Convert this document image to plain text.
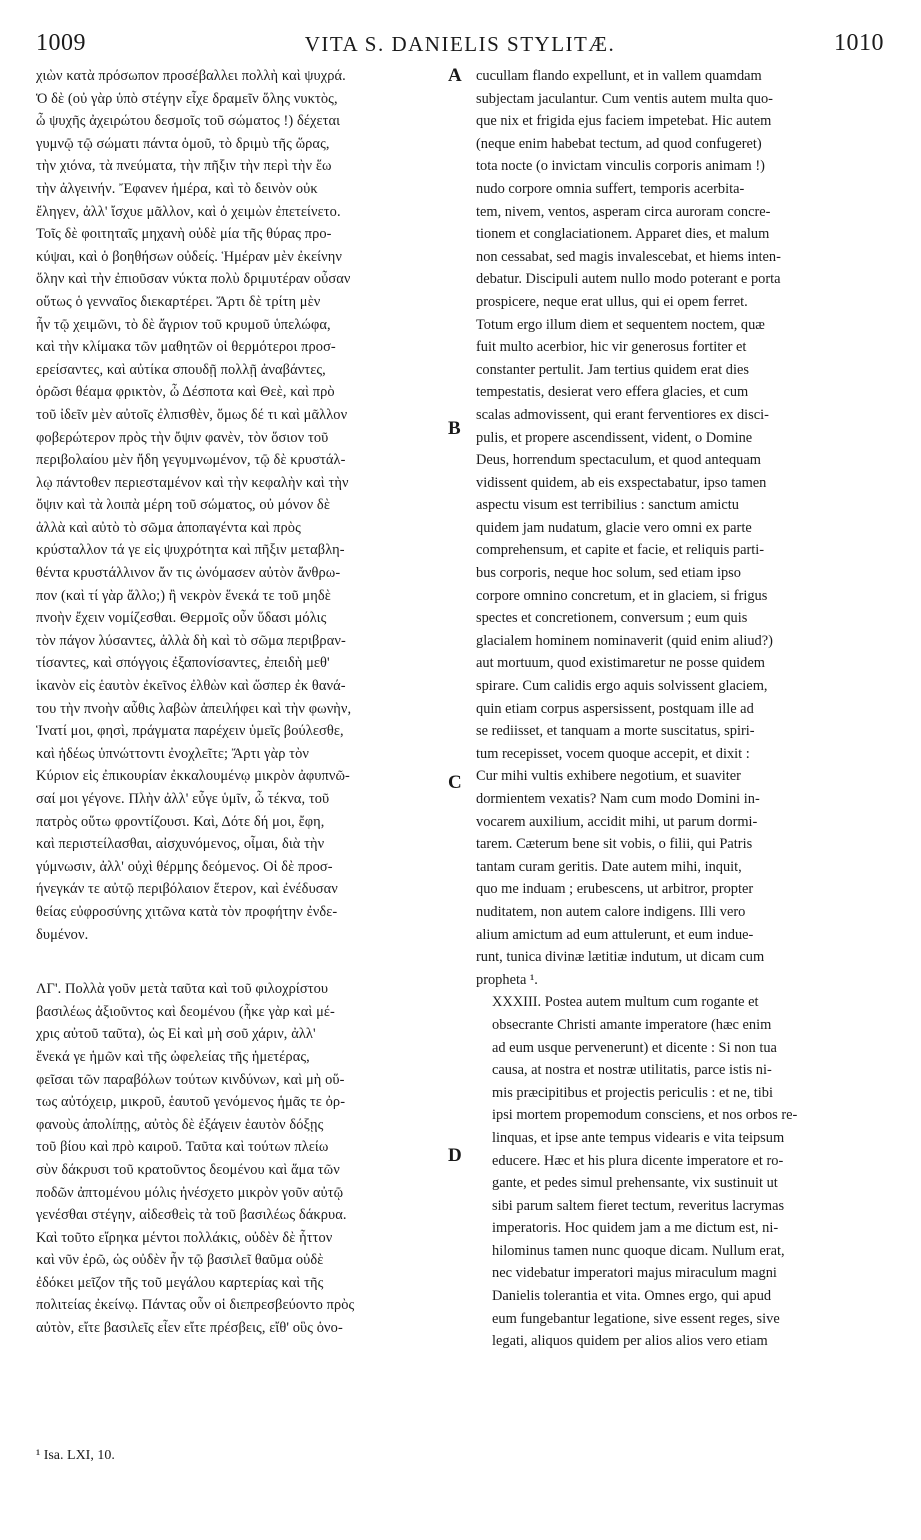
1009	VITA S. DANIELIS STYLITÆ.	1010
χιὼν κατὰ πρόσωπον προσέβαλλει πολλὴ καὶ ψυχρά.
Ὁ δὲ (οὐ γὰρ ὑπὸ στέγην εἶχε δραμεῖν ὅλης νυκτὸς,
ὦ ψυχῆς ἀχειρώτου δεσμοῖς τοῦ σώματος !) δέχεται
γυμνῷ τῷ σώματι πάντα ὁμοῦ, τὸ δριμὺ τῆς ὥρας,
τὴν χιόνα, τὰ πνεύματα, τὴν πῆξιν τὴν περὶ τὴν ἕω
τὴν ἀλγεινήν. Ἔφανεν ἡμέρα, καὶ τὸ δεινὸν οὐκ
ἔληγεν, ἀλλ' ἴσχυε μᾶλλον, καὶ ὁ χειμὼν ἐπετείνετο.
Τοῖς δὲ φοιτηταῖς μηχανὴ οὐδὲ μία τῆς θύρας προ-
κύψαι, καὶ ὁ βοηθήσων οὐδείς. Ἡμέραν μὲν ἐκείνην
ὅλην καὶ τὴν ἐπιοῦσαν νύκτα πολὺ δριμυτέραν οὖσαν
οὕτως ὁ γενναῖος διεκαρτέρει. Ἄρτι δὲ τρίτη μὲν
ἦν τῷ χειμῶνι, τὸ δὲ ἄγριον τοῦ κρυμοῦ ὑπελώφα,
καὶ τὴν κλίμακα τῶν μαθητῶν οἱ θερμότεροι προσ-
ερείσαντες, καὶ αὐτίκα σπουδῇ πολλῇ ἀναβάντες,
ὁρῶσι θέαμα φρικτὸν, ὦ Δέσποτα καὶ Θεὲ, καὶ πρὸ
τοῦ ἰδεῖν μὲν αὐτοῖς ἐλπισθὲν, ὅμως δέ τι καὶ μᾶλλον
φοβερώτερον πρὸς τὴν ὄψιν φανὲν, τὸν ὅσιον τοῦ
περιβολαίου μὲν ἤδη γεγυμνωμένον, τῷ δὲ κρυστάλ-
λῳ πάντοθεν περιεσταμένον καὶ τὴν κεφαλὴν καὶ τὴν
ὄψιν καὶ τὰ λοιπὰ μέρη τοῦ σώματος, οὐ μόνον δὲ
ἀλλὰ καὶ αὐτὸ τὸ σῶμα ἀποπαγέντα καὶ πρὸς
κρύσταλλον τά γε εἰς ψυχρότητα καὶ πῆξιν μεταβλη-
θέντα κρυστάλλινον ἄν τις ὠνόμασεν αὐτὸν ἄνθρω-
πον (καὶ τί γὰρ ἄλλο;) ἢ νεκρὸν ἕνεκά τε τοῦ μηδὲ
πνοὴν ἔχειν νομίζεσθαι. Θερμοῖς οὖν ὕδασι μόλις
τὸν πάγον λύσαντες, ἀλλὰ δὴ καὶ τὸ σῶμα περιβραν-
τίσαντες, καὶ σπόγγοις ἐξαπονίσαντες, ἐπειδὴ μεθ'
ἱκανὸν εἰς ἑαυτὸν ἐκεῖνος ἐλθὼν καὶ ὥσπερ ἐκ θανά-
του τὴν πνοὴν αὖθις λαβὼν ἀπειλήφει καὶ τὴν φωνὴν,
Ἱνατί μοι, φησὶ, πράγματα παρέχειν ὑμεῖς βούλεσθε,
καὶ ἡδέως ὑπνώττοντι ἐνοχλεῖτε; Ἄρτι γὰρ τὸν
Κύριον εἰς ἐπικουρίαν ἐκκαλουμένῳ μικρὸν ἀφυπνῶ-
σαί μοι γέγονε. Πλὴν ἀλλ' εὖγε ὑμῖν, ὦ τέκνα, τοῦ
πατρὸς οὕτω φροντίζουσι. Καὶ, Δότε δή μοι, ἔφη,
καὶ περιστείλασθαι, αἰσχυνόμενος, οἶμαι, διὰ τὴν
γύμνωσιν, ἀλλ' οὐχὶ θέρμης δεόμενος. Οἱ δὲ προσ-
ήνεγκάν τε αὐτῷ περιβόλαιον ἕτερον, καὶ ἐνέδυσαν
θείας εὐφροσύνης χιτῶνα κατὰ τὸν προφήτην ἐνδε-
δυμένον.
ΛΓ'. Πολλὰ γοῦν μετὰ ταῦτα καὶ τοῦ φιλοχρίστου
βασιλέως ἀξιοῦντος καὶ δεομένου (ἧκε γὰρ καὶ μέ-
χρις αὐτοῦ ταῦτα), ὡς Εἰ καὶ μὴ σοῦ χάριν, ἀλλ'
ἕνεκά γε ἡμῶν καὶ τῆς ὠφελείας τῆς ἡμετέρας,
φεῖσαι τῶν παραβόλων τούτων κινδύνων, καὶ μὴ οὕ-
τως αὐτόχειρ, μικροῦ, ἑαυτοῦ γενόμενος ἡμᾶς τε ὀρ-
φανοὺς ἀπολίπῃς, αὐτὸς δὲ ἐξάγειν ἑαυτὸν δόξῃς
τοῦ βίου καὶ πρὸ καιροῦ. Ταῦτα καὶ τούτων πλείω
σὺν δάκρυσι τοῦ κρατοῦντος δεομένου καὶ ἅμα τῶν
ποδῶν ἀπτομένου μόλις ἠνέσχετο μικρὸν γοῦν αὐτῷ
γενέσθαι στέγην, αἰδεσθεὶς τὰ τοῦ βασιλέως δάκρυα.
Καὶ τοῦτο εἴρηκα μέντοι πολλάκις, οὐδὲν δὲ ἧττον
καὶ νῦν ἐρῶ, ὡς οὐδὲν ἦν τῷ βασιλεῖ θαῦμα οὐδὲ
ἐδόκει μεῖζον τῆς τοῦ μεγάλου καρτερίας καὶ τῆς
πολιτείας ἐκείνῳ. Πάντας οὖν οἱ διεπρεσβεύοντο πρὸς
αὐτὸν, εἴτε βασιλεῖς εἶεν εἴτε πρέσβεις, εἴθ' οὓς ὁνο-
cucullam flando expellunt, et in vallem quamdam
subjectam jaculantur. Cum ventis autem multa quo-
que nix et frigida ejus faciem impetebat. Hic autem
(neque enim habebat tectum, ad quod confugeret)
tota nocte (o invictam vinculis corporis animam !)
nudo corpore omnia suffert, temporis acerbita-
tem, nivem, ventos, asperam circa auroram concre-
tionem et conglaciationem. Apparet dies, et malum
non cessabat, sed magis invalescebat, et hiems inten-
debatur. Discipuli autem nullo modo poterant e porta
prospicere, neque erat ullus, qui ei opem ferret.
Totum ergo illum diem et sequentem noctem, quæ
fuit multo acerbior, hic vir generosus fortiter et
constanter pertulit. Jam tertius quidem erat dies
tempestatis, desierat vero effera glacies, et cum
scalas admovissent, qui erant ferventiores ex disci-
pulis, et propere ascendissent, vident, o Domine
Deus, horrendum spectaculum, et quod antequam
vidissent quidem, ab eis exspectabatur, ipso tamen
aspectu visum est terribilius : sanctum amictu
quidem jam nudatum, glacie vero omni ex parte
comprehensum, et capite et facie, et reliquis parti-
bus corporis, neque hoc solum, sed etiam ipso
corpore omnino concretum, et in glaciem, si frigus
spectes et concretionem, conversum ; eum quis
glacialem hominem nominaverit (quid enim aliud?)
aut mortuum, quod existimaretur ne posse quidem
spirare. Cum calidis ergo aquis solvissent glaciem,
quin etiam corpus aspersissent, postquam ille ad
se rediisset, et tanquam a morte suscitatus, spiri-
tum recepisset, vocem quoque accepit, et dixit :
Cur mihi vultis exhibere negotium, et suaviter
dormientem vexatis? Nam cum modo Domini in-
vocarem auxilium, accidit mihi, ut parum dormi-
tarem. Cæterum bene sit vobis, o filii, qui Patris
tantam curam geritis. Date autem mihi, inquit,
quo me induam ; erubescens, ut arbitror, propter
nuditatem, non autem calore indigens. Illi vero
alium amictum ad eum attulerunt, et eum indue-
runt, tunica divinæ lætitiæ indutum, ut dicam cum
propheta ¹.
XXXIII. Postea autem multum cum rogante et
obsecrante Christi amante imperatore (hæc enim
ad eum usque pervenerunt) et dicente : Si non tua
causa, at nostra et nostræ utilitatis, parce istis ni-
mis præcipitibus et projectis periculis : et ne, tibi
ipsi mortem propemodum consciens, et nos orbos re-
linquas, et ipse ante tempus videaris e vita teipsum
educere. Hæc et his plura dicente imperatore et ro-
gante, et pedes simul prehensante, vix sustinuit ut
sibi parum saltem fieret tectum, reveritus lacrymas
imperatoris. Hoc quidem jam a me dictum est, ni-
hilominus tamen nunc quoque dicam. Nullum erat,
nec videbatur imperatori majus miraculum magni
Danielis tolerantia et vita. Omnes ergo, qui apud
eum fungebantur legatione, sive essent reges, sive
legati, aliquos quidem per alios alios vero etiam
A
B
C
D
¹ Isa. LXI, 10.
